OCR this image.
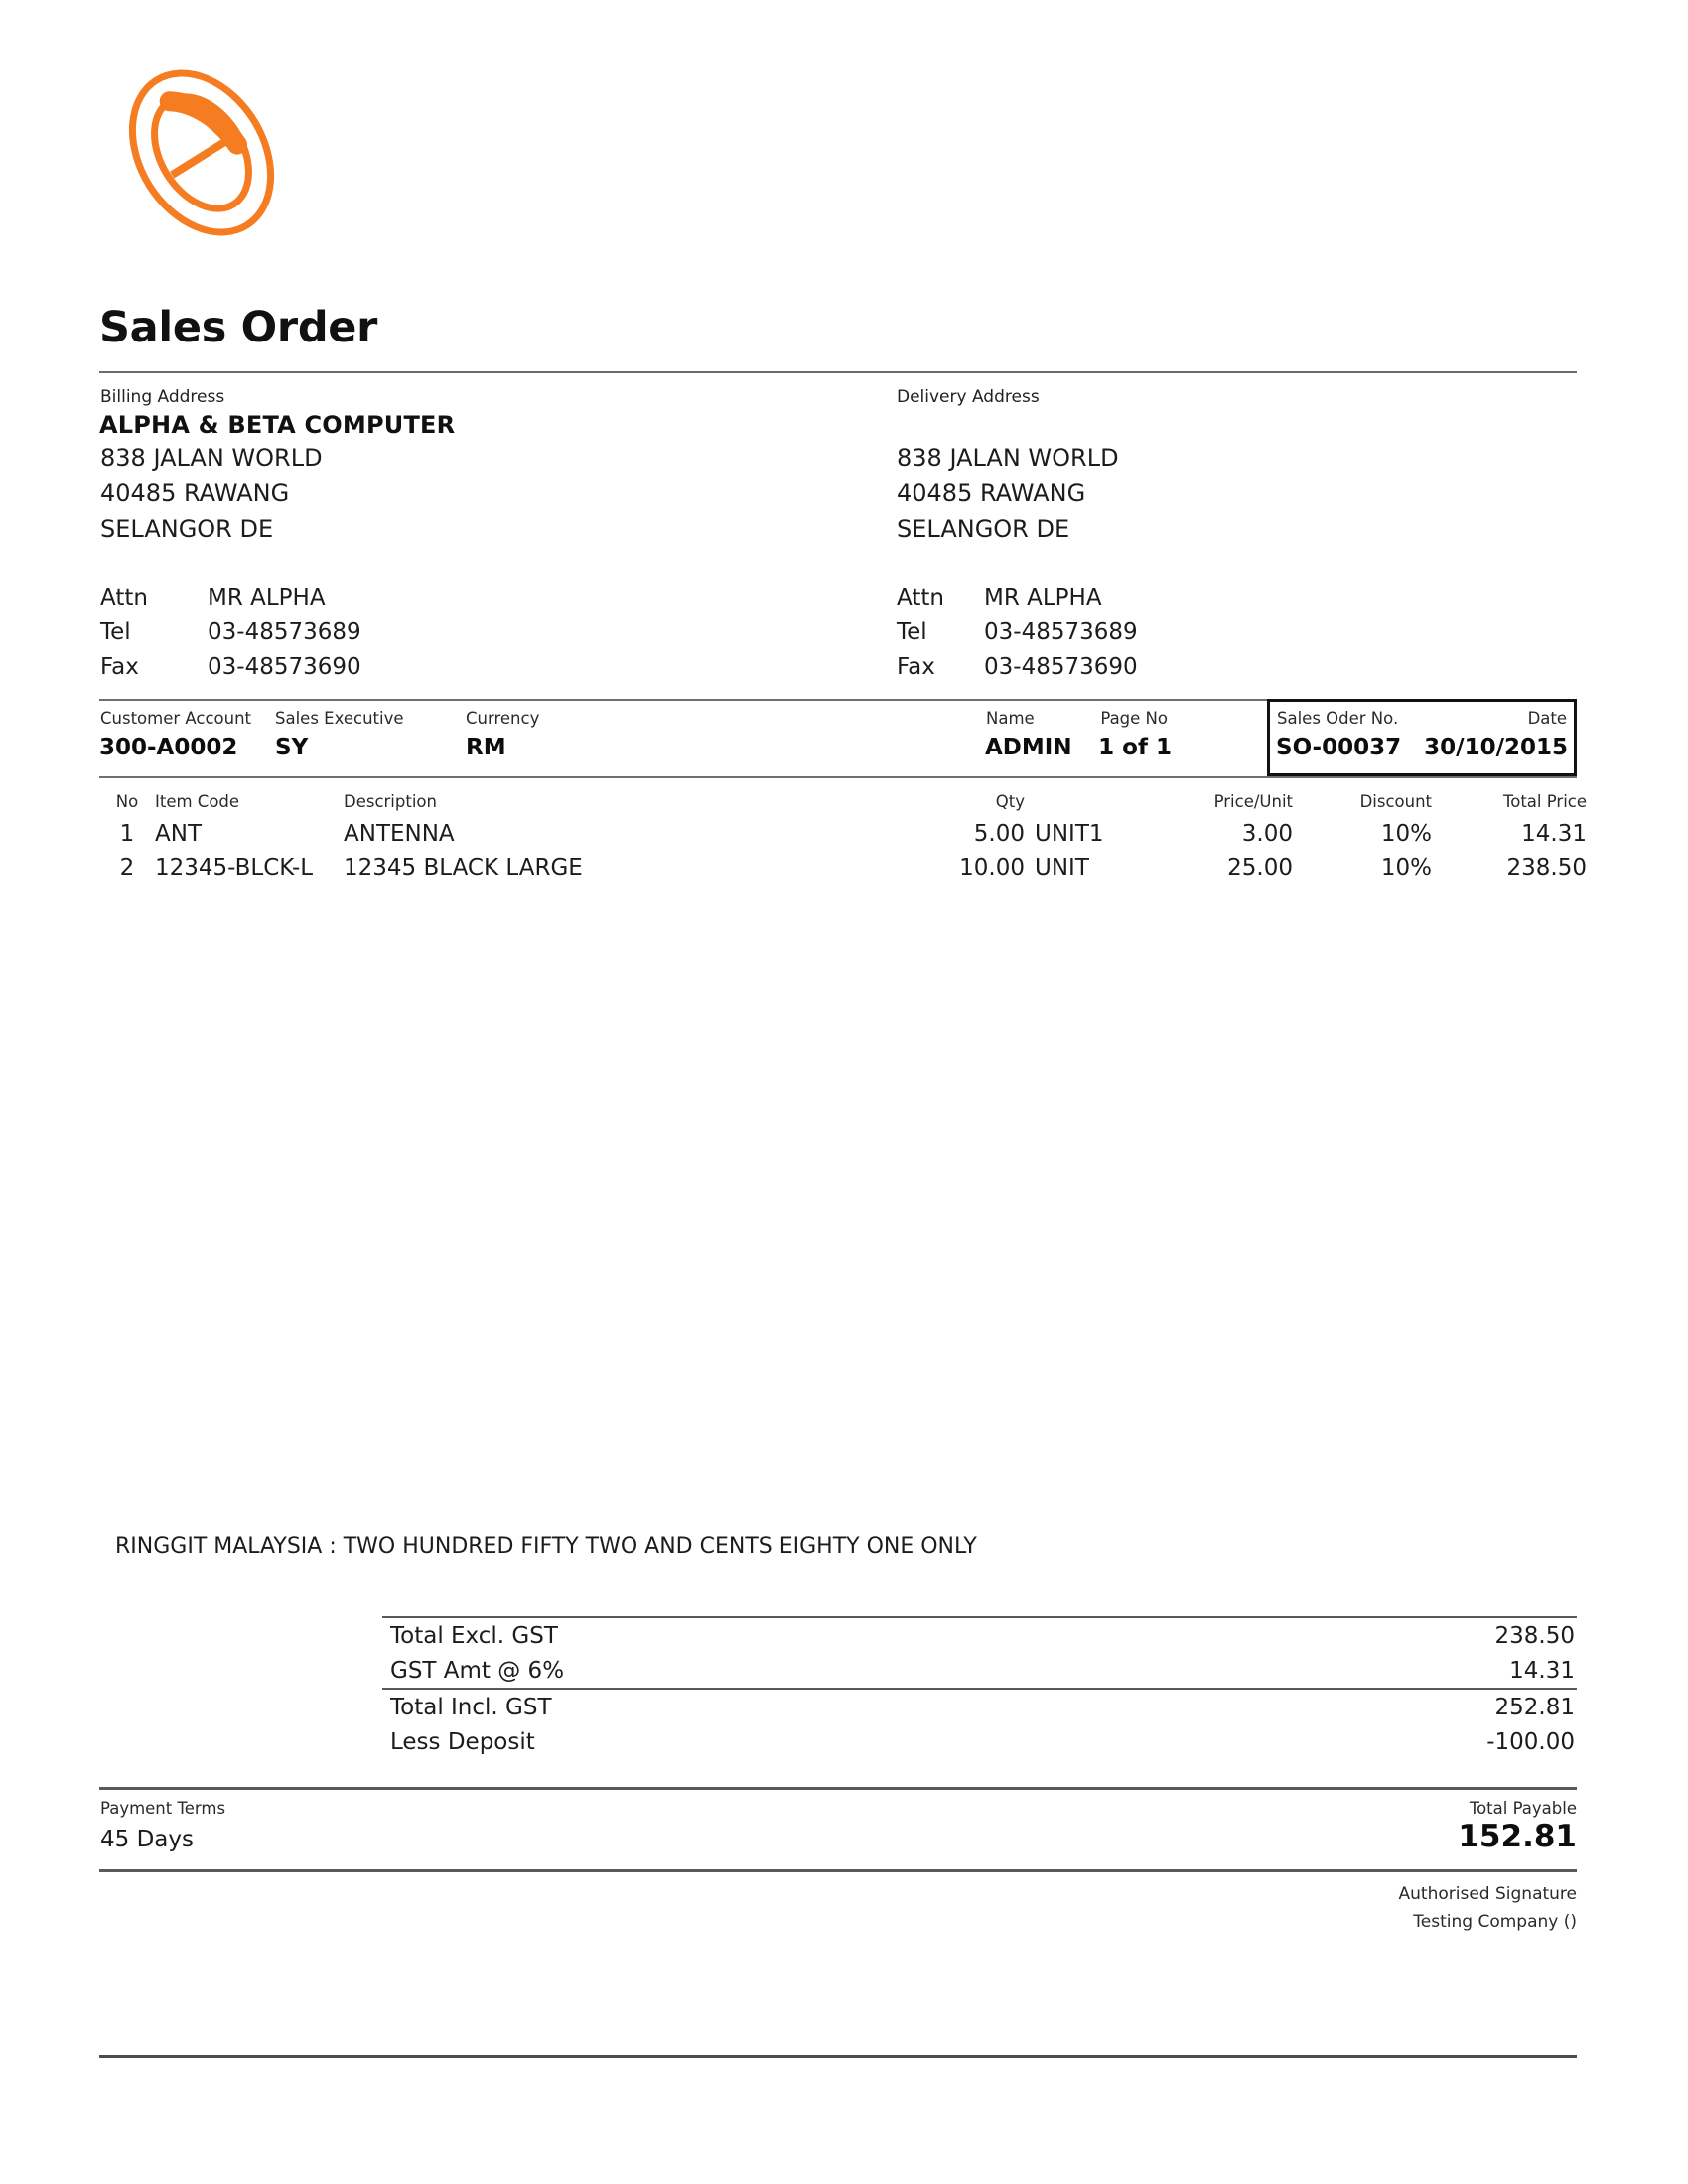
Sales Order
Billing Address
ALPHA & BETA COMPUTER
838 JALAN WORLD
40485 RAWANG
SELANGOR DE
Attn	MR ALPHA
Tel	03-48573689
Fax	03-48573690
Delivery Address
838 JALAN WORLD
40485 RAWANG
SELANGOR DE
Attn MR ALPHA
Tel 03-48573689
Fax 03-48573690
Customer Account
300-A0002
Sales Executive
SY
Currency
RM
Name
ADMIN
Page No
1 of 1
Sales Oder No.	Date
SO-00037 30/10/2015
No	Item Code	Description	Qty		Price/Unit	Discount	Total Price
1	ANT	ANTENNA	5.00	UNIT1	3.00	10%	14.31
2	12345-BLCK-L	12345 BLACK LARGE	10.00	UNIT	25.00	10%	238.50
RINGGIT MALAYSIA : TWO HUNDRED FIFTY TWO AND CENTS EIGHTY ONE ONLY
Total Excl. GST	238.50
GST Amt @ 6%	14.31
Total Incl. GST	252.81
Less Deposit	-100.00
Payment Terms
45 Days
Total Payable
152.81
Authorised Signature
Testing Company ()
